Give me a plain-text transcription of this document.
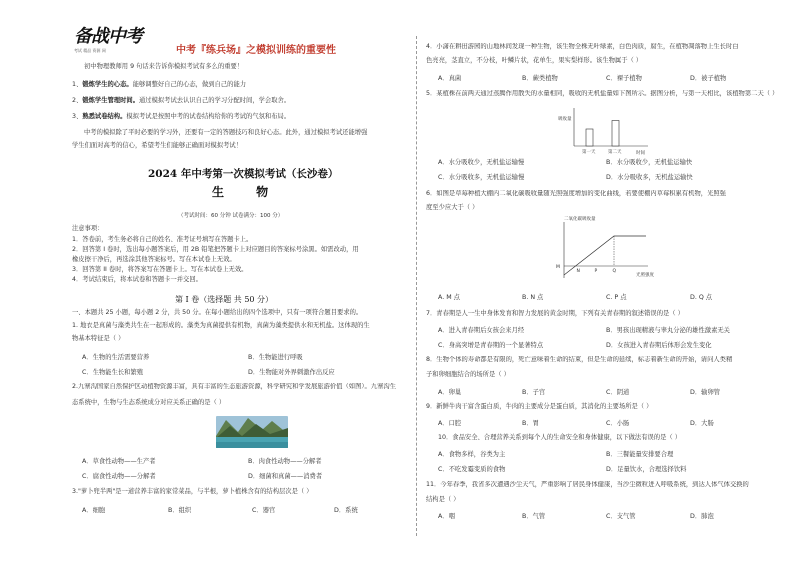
备战中考
考试 精品 资源 网	中考『练兵场』之模拟训练的重要性
初中物理教师用 9 句话来告诉你模拟考试有多么的重要！
1、锻炼学生的心态。能够调整好自己的心态，做到自己的能力
2、锻炼学生管理时间。通过模拟考试去认识自己的学习分配时间，学会取舍。
3、熟悉试卷结构。模拟考试是按照中考的试卷结构给你的考试的气氛和布局。
中考的模拟除了平时必要的学习外，还要有一定的答题技巧和良好心态。此外，通过模拟考试还能增强
学生们面对高考的信心，希望考生们能够正确面对模拟考试！
2024 年中考第一次模拟考试（长沙卷）
生 物
（考试时间：60 分钟 试卷满分：100 分）
注意事项：
1．答卷前，考生务必将自己的姓名、准考证号填写在答题卡上。
2．回答第 I 卷时，选出每小题答案后，用 2B 铅笔把答题卡上对应题目的答案标号涂黑。如需改动，用
橡皮擦干净后，再选涂其他答案标号。写在本试卷上无效。
3．回答第 II 卷时，将答案写在答题卡上。写在本试卷上无效。
4．考试结束后，将本试卷和答题卡一并交回。
第 I 卷（选择题 共 50 分）
一、本题共 25 小题，每小题 2 分，共 50 分。在每小题给出的四个选项中，只有一项符合题目要求的。
1. 地衣是真菌与藻类共生在一起形成的。藻类为真菌提供有机物，真菌为藻类提供水和无机盐。这体现的生
物基本特征是（ ）
A．生物的生活需要营养	B．生物能进行呼吸
C．生物能生长和繁殖	D．生物能对外界刺激作出反应
2.九寨沟国家自然保护区动植物资源丰富，具有丰富的生态旅游资源，科学研究和学发展旅游价值（如图）。九寨沟生
态系统中，生物与生态系统成分对应关系正确的是（ ）
A．草食性动物——生产者	B．肉食性动物——分解者
C．腐食性动物——分解者	D．细菌和真菌——消费者
3."萝卜兜半两"是一道营养丰富的家常菜品，与半根，萝卜植株含有的结构层次是（ ）
A．细胞	B．组织	C．器官	D．系统
4．小潇在耕田游园的山地林间发现一种生物，该生物全株无叶绿素，白色肉质，腐生，在植物凋落物上生长时白
色亮亮，茎直立，不分枝，叶鳞片状，花单生，果实梨样形。该生物属于（ ）
A．真菌	B．蕨类植物	C．裸子植物	D．被子植物
5．某植株在前两天通过蒸腾作用散失的水量相同，吸收的无机盐量如下图所示。据图分析，与第一天相比，该植物第二天（ ）
吸收量
第一天	第二天	时间
A．水分吸收少，无机盐运输慢	B．水分吸收少，无机盐运输快
C．水分吸收多，无机盐运输慢	D．水分吸收多，无机盐运输快
6．如图是草莓种植大棚内二氧化碳吸收量随光照强度增加的变化曲线，若要使棚内草莓积累有机物，光照强
度至少应大于（ ）
二氧化碳吸收量
M
N	P	Q
光照强度
A. M 点	B. N 点	C. P 点	D. Q 点
7．青春期是人一生中身体发育和智力发展的黄金时期，下列有关青春期的叙述错误的是（ ）
A．进入青春期后女孩会来月经	B．男孩出现精液与睾丸分泌的雄性激素无关
C．身高突增是青春期的一个显著特点	D．女孩进入青春期后体形会发生变化
8．生物个体的寿命都是有限的，死亡意味着生命的结束，但是生命的延续，标志着新生命的开始，请问人类精
子和卵细胞结合的场所是（ ）
A．卵巢	B．子宫	C．阴道	D．输卵管
9．新鲜牛肉干富含蛋白质，牛肉的主要成分是蛋白质，其消化的主要场所是（ ）
A．口腔	B．胃	C．小肠	D．大肠
10．食品安全、合理营养关系到每个人的生命安全和身体健康，以下做法有误的是（ ）
A．食物多样，谷类为主	B．三餐能量安排要合理
C．不吃发霉变质的食物	D．足量饮水，合理选择饮料
11．今年春季，我省多次遭遇沙尘天气，严重影响了居民身体健康，当沙尘微粒进入呼吸系统，到达人体气体交换的
结构是（ ）
A．咽	B．气管	C．支气管	D．肺泡
